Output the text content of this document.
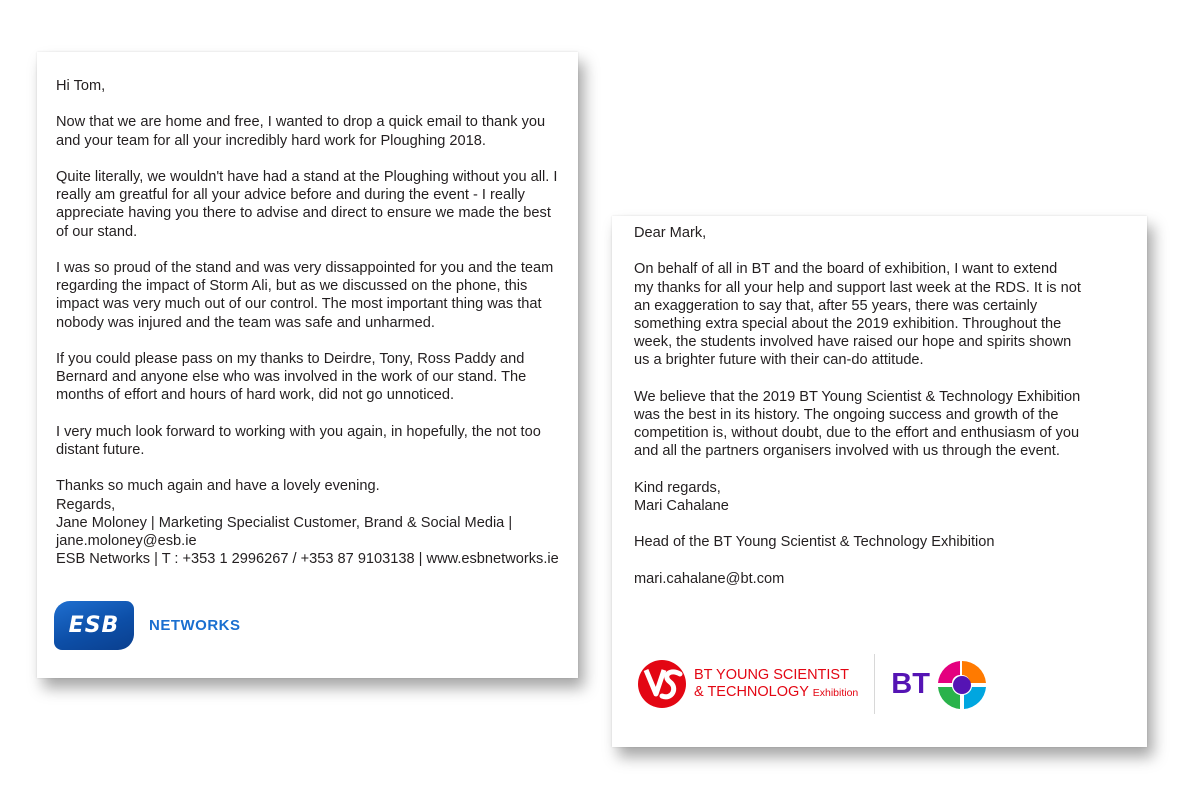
Hi Tom,

Now that we are home and free, I wanted to drop a quick email to thank you
and your team for all your incredibly hard work for Ploughing 2018.

Quite literally, we wouldn't have had a stand at the Ploughing without you all. I
really am greatful for all your advice before and during the event - I really
appreciate having you there to advise and direct to ensure we made the best
of our stand.

I was so proud of the stand and was very dissappointed for you and the team
regarding the impact of Storm Ali, but as we discussed on the phone, this
impact was very much out of our control. The most important thing was that
nobody was injured and the team was safe and unharmed.

If you could please pass on my thanks to Deirdre, Tony, Ross Paddy and
Bernard and anyone else who was involved in the work of our stand. The
months of effort and hours of hard work, did not go unnoticed.

I very much look forward to working with you again, in hopefully, the not too
distant future.

Thanks so much again and have a lovely evening.
Regards,
Jane Moloney | Marketing Specialist Customer, Brand & Social Media |
jane.moloney@esb.ie
ESB Networks | T : +353 1 2996267 / +353 87 9103138 | www.esbnetworks.ie

ESB NETWORKS

Dear Mark,

On behalf of all in BT and the board of exhibition, I want to extend
my thanks for all your help and support last week at the RDS. It is not
an exaggeration to say that, after 55 years, there was certainly
something extra special about the 2019 exhibition. Throughout the
week, the students involved have raised our hope and spirits shown
us a brighter future with their can-do attitude.

We believe that the 2019 BT Young Scientist & Technology Exhibition
was the best in its history. The ongoing success and growth of the
competition is, without doubt, due to the effort and enthusiasm of you
and all the partners organisers involved with us through the event.

Kind regards,
Mari Cahalane

Head of the BT Young Scientist & Technology Exhibition

mari.cahalane@bt.com

BT YOUNG SCIENTIST
& TECHNOLOGY Exhibition BT
